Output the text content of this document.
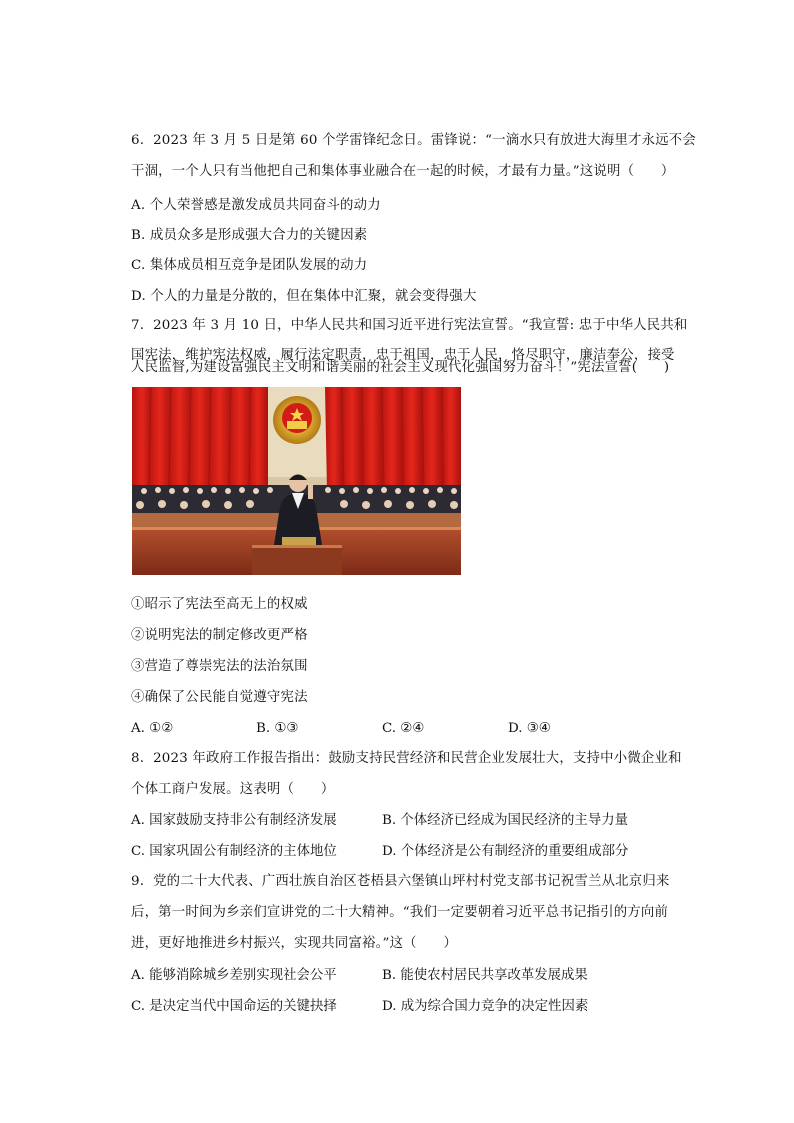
6.  2023 年 3 月 5 日是第 60 个学雷锋纪念日。雷锋说：“一滴水只有放进大海里才永远不会
干涸，一个人只有当他把自己和集体事业融合在一起的时候，才最有力量。”这说明（      ）
A. 个人荣誉感是激发成员共同奋斗的动力
B. 成员众多是形成强大合力的关键因素
C. 集体成员相互竞争是团队发展的动力
D. 个人的力量是分散的，但在集体中汇聚，就会变得强大
7.  2023 年 3 月 10 日，中华人民共和国习近平进行宪法宣誓。“我宣誓: 忠于中华人民共和
国宪法，维护宪法权威，履行法定职责，忠于祖国，忠于人民，恪尽职守，廉洁奉公，接受
人民监督,为建设富强民主文明和谐美丽的社会主义现代化强国努力奋斗！”宪法宣誓(      )
①昭示了宪法至高无上的权威
②说明宪法的制定修改更严格
③营造了尊崇宪法的法治氛围
④确保了公民能自觉遵守宪法
A. ①②	B. ①③	C. ②④	D. ③④
8.  2023 年政府工作报告指出：鼓励支持民营经济和民营企业发展壮大，支持中小微企业和
个体工商户发展。这表明（      ）
A. 国家鼓励支持非公有制经济发展	B. 个体经济已经成为国民经济的主导力量
C. 国家巩固公有制经济的主体地位	D. 个体经济是公有制经济的重要组成部分
9.  党的二十大代表、广西壮族自治区苍梧县六堡镇山坪村村党支部书记祝雪兰从北京归来
后，第一时间为乡亲们宣讲党的二十大精神。“我们一定要朝着习近平总书记指引的方向前
进，更好地推进乡村振兴，实现共同富裕。”这（      ）
A. 能够消除城乡差别实现社会公平	B. 能使农村居民共享改革发展成果
C. 是决定当代中国命运的关键抉择	D. 成为综合国力竞争的决定性因素
